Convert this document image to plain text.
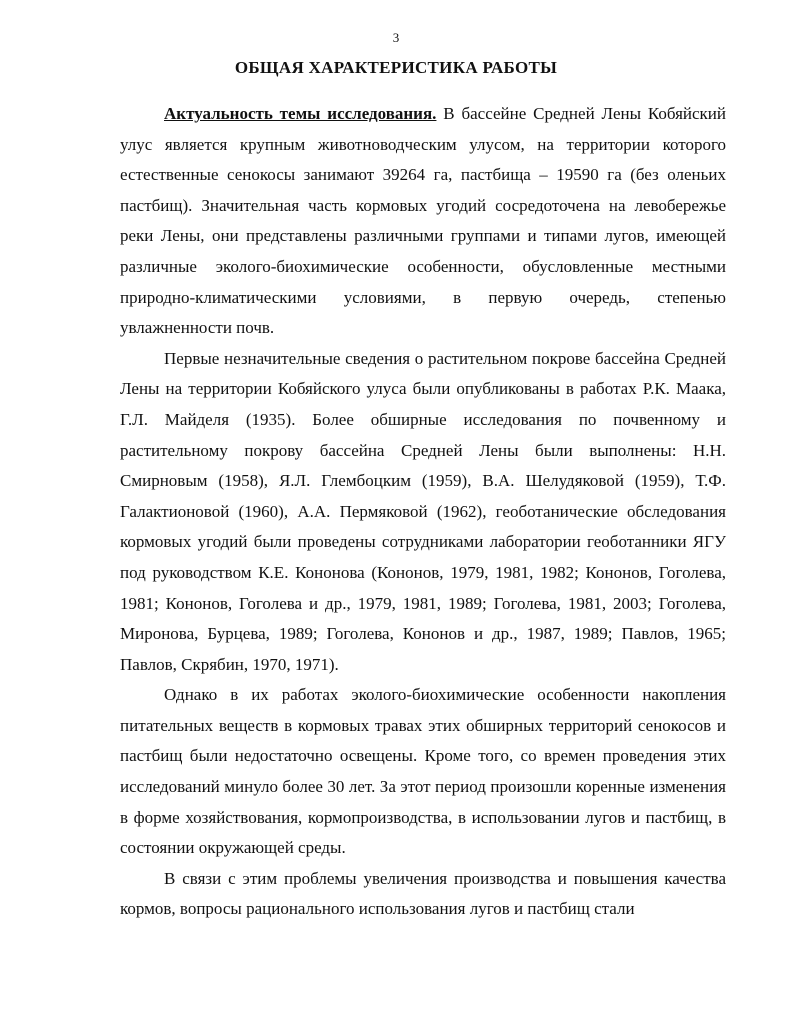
3
ОБЩАЯ ХАРАКТЕРИСТИКА РАБОТЫ

Актуальность темы исследования. В бассейне Средней Лены Кобяйский улус является крупным животноводческим улусом, на территории которого естественные сенокосы занимают 39264 га, пастбища – 19590 га (без оленьих пастбищ). Значительная часть кормовых угодий сосредоточена на левобережье реки Лены, они представлены различными группами и типами лугов, имеющей различные эколого-биохимические особенности, обусловленные местными природно-климатическими условиями, в первую очередь, степенью увлажненности почв.

Первые незначительные сведения о растительном покрове бассейна Средней Лены на территории Кобяйского улуса были опубликованы в работах Р.К. Маака, Г.Л. Майделя (1935). Более обширные исследования по почвенному и растительному покрову бассейна Средней Лены были выполнены: Н.Н. Смирновым (1958), Я.Л. Глембоцким (1959), В.А. Шелудяковой (1959), Т.Ф. Галактионовой (1960), А.А. Пермяковой (1962), геоботанические обследования кормовых угодий были проведены сотрудниками лаборатории геоботанники ЯГУ под руководством К.Е. Кононова (Кононов, 1979, 1981, 1982; Кононов, Гоголева, 1981; Кононов, Гоголева и др., 1979, 1981, 1989; Гоголева, 1981, 2003; Гоголева, Миронова, Бурцева, 1989; Гоголева, Кононов и др., 1987, 1989; Павлов, 1965; Павлов, Скрябин, 1970, 1971).

Однако в их работах эколого-биохимические особенности накопления питательных веществ в кормовых травах этих обширных территорий сенокосов и пастбищ были недостаточно освещены. Кроме того, со времен проведения этих исследований минуло более 30 лет. За этот период произошли коренные изменения в форме хозяйствования, кормопроизводства, в использовании лугов и пастбищ, в состоянии окружающей среды.

В связи с этим проблемы увеличения производства и повышения качества кормов, вопросы рационального использования лугов и пастбищ стали
